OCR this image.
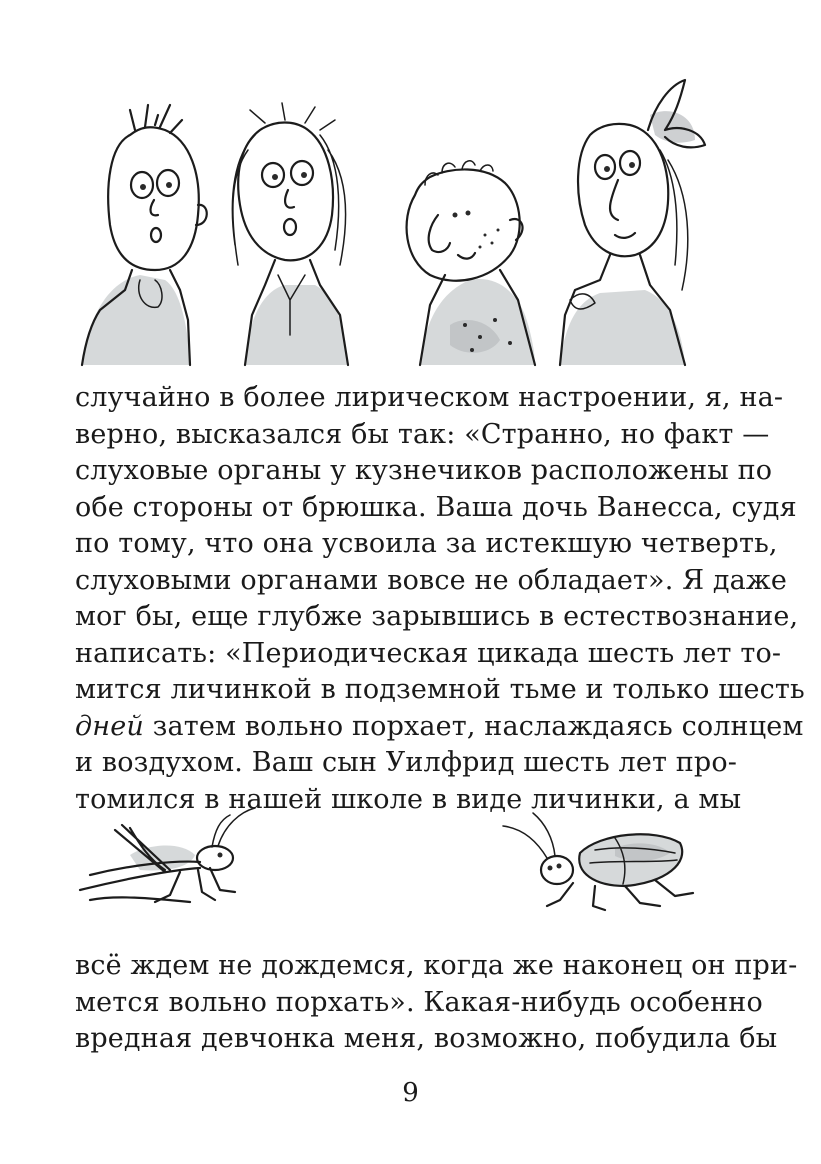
случайно в более лирическом настроении, я, на-
верно, высказался бы так: «Странно, но факт —
слуховые органы у кузнечиков расположены по
обе стороны от брюшка. Ваша дочь Ванесса, судя
по тому, что она усвоила за истекшую четверть,
слуховыми органами вовсе не обладает». Я даже
мог бы, еще глубже зарывшись в естествознание,
написать: «Периодическая цикада шесть лет то-
мится личинкой в подземной тьме и только шесть
дней затем вольно порхает, наслаждаясь солнцем
и воздухом. Ваш сын Уилфрид шесть лет про-
томился в нашей школе в виде личинки, а мы
всё ждем не дождемся, когда же наконец он при-
мется вольно порхать». Какая-нибудь особенно
вредная девчонка меня, возможно, побудила бы
9
